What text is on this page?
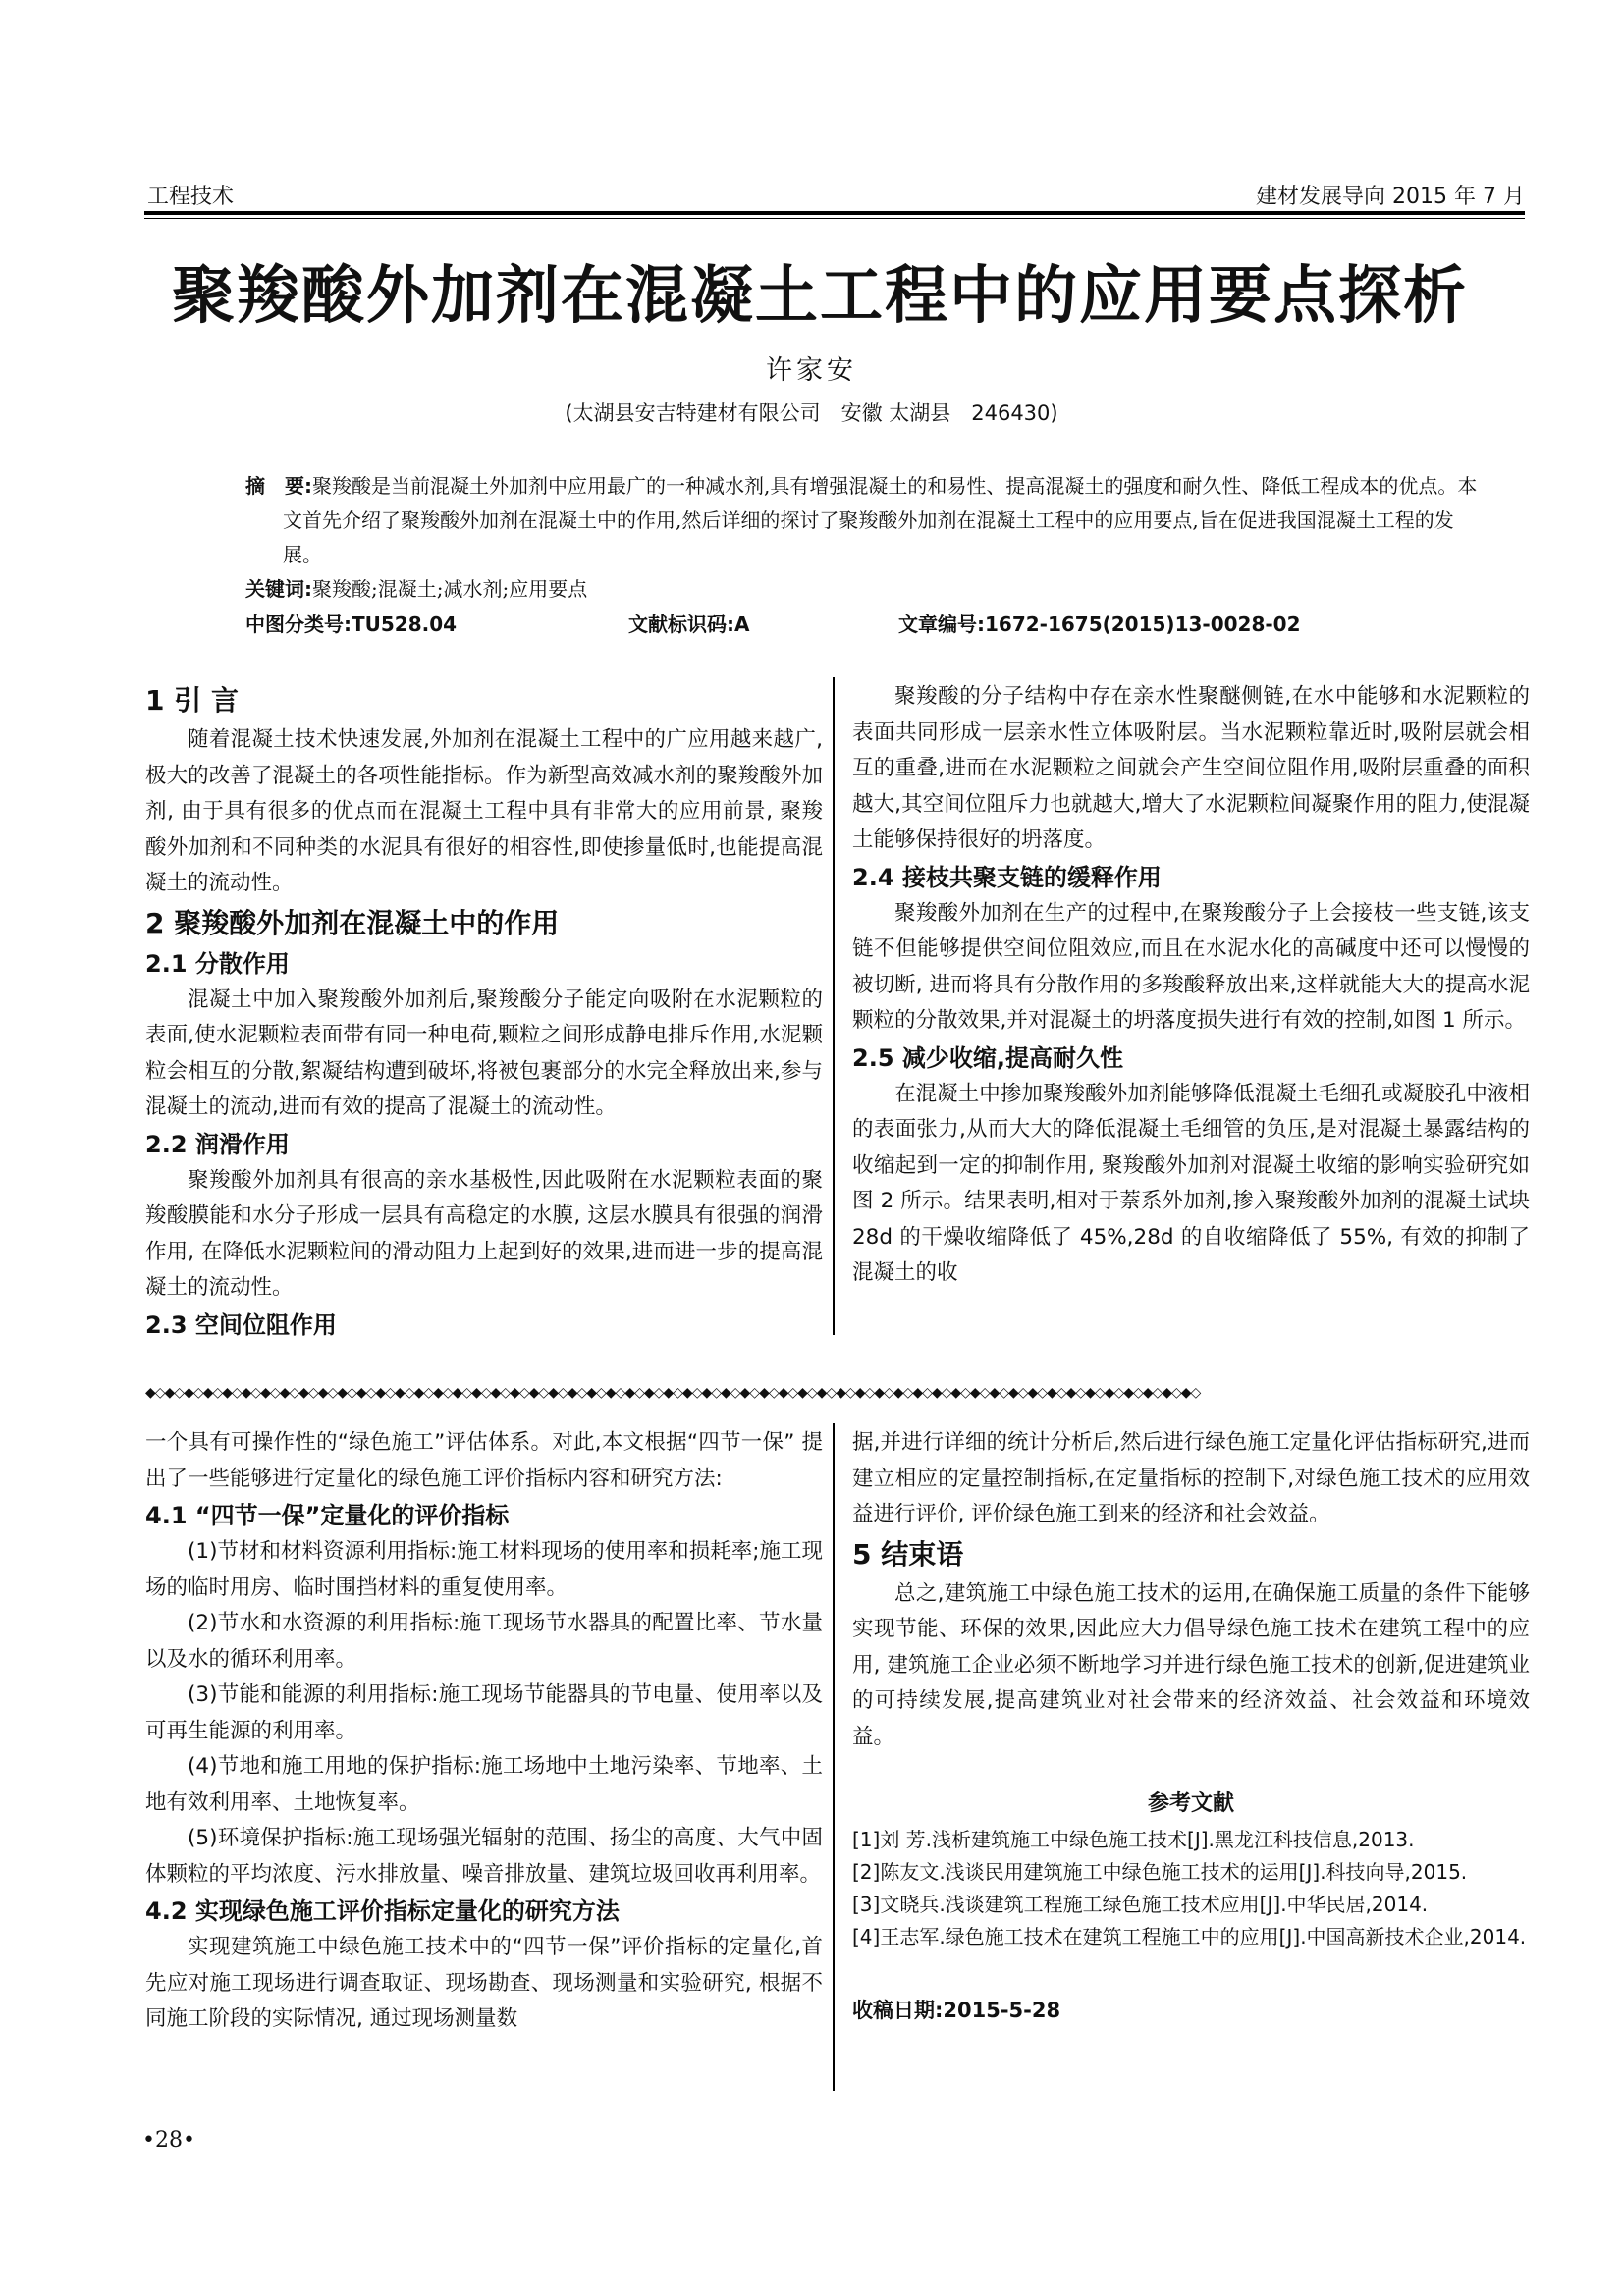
工程技术	建材发展导向 2015 年 7 月
聚羧酸外加剂在混凝土工程中的应用要点探析
许家安
(太湖县安吉特建材有限公司　安徽 太湖县　246430)

摘　要:聚羧酸是当前混凝土外加剂中应用最广的一种减水剂,具有增强混凝土的和易性、提高混凝土的强度和耐久性、降低工程成本的优点。本文首先介绍了聚羧酸外加剂在混凝土中的作用,然后详细的探讨了聚羧酸外加剂在混凝土工程中的应用要点,旨在促进我国混凝土工程的发展。

关键词:聚羧酸;混凝土;减水剂;应用要点

中图分类号:TU528.04	文献标识码:A	文章编号:1672-1675(2015)13-0028-02
1 引 言

随着混凝土技术快速发展,外加剂在混凝土工程中的广应用越来越广,极大的改善了混凝土的各项性能指标。作为新型高效减水剂的聚羧酸外加剂, 由于具有很多的优点而在混凝土工程中具有非常大的应用前景, 聚羧酸外加剂和不同种类的水泥具有很好的相容性,即使掺量低时,也能提高混凝土的流动性。

2 聚羧酸外加剂在混凝土中的作用
2.1 分散作用

混凝土中加入聚羧酸外加剂后,聚羧酸分子能定向吸附在水泥颗粒的表面,使水泥颗粒表面带有同一种电荷,颗粒之间形成静电排斥作用,水泥颗粒会相互的分散,絮凝结构遭到破坏,将被包裹部分的水完全释放出来,参与混凝土的流动,进而有效的提高了混凝土的流动性。

2.2 润滑作用

聚羧酸外加剂具有很高的亲水基极性,因此吸附在水泥颗粒表面的聚羧酸膜能和水分子形成一层具有高稳定的水膜, 这层水膜具有很强的润滑作用, 在降低水泥颗粒间的滑动阻力上起到好的效果,进而进一步的提高混凝土的流动性。

2.3 空间位阻作用

聚羧酸的分子结构中存在亲水性聚醚侧链,在水中能够和水泥颗粒的表面共同形成一层亲水性立体吸附层。当水泥颗粒靠近时,吸附层就会相互的重叠,进而在水泥颗粒之间就会产生空间位阻作用,吸附层重叠的面积越大,其空间位阻斥力也就越大,增大了水泥颗粒间凝聚作用的阻力,使混凝土能够保持很好的坍落度。

2.4 接枝共聚支链的缓释作用

聚羧酸外加剂在生产的过程中,在聚羧酸分子上会接枝一些支链,该支链不但能够提供空间位阻效应,而且在水泥水化的高碱度中还可以慢慢的被切断, 进而将具有分散作用的多羧酸释放出来,这样就能大大的提高水泥颗粒的分散效果,并对混凝土的坍落度损失进行有效的控制,如图 1 所示。

2.5 减少收缩,提高耐久性

在混凝土中掺加聚羧酸外加剂能够降低混凝土毛细孔或凝胶孔中液相的表面张力,从而大大的降低混凝土毛细管的负压,是对混凝土暴露结构的收缩起到一定的抑制作用, 聚羧酸外加剂对混凝土收缩的影响实验研究如图 2 所示。结果表明,相对于萘系外加剂,掺入聚羧酸外加剂的混凝土试块 28d 的干燥收缩降低了 45%,28d 的自收缩降低了 55%, 有效的抑制了混凝土的收

◆◇◆◇◆◇◆◇◆◇◆◇◆◇◆◇◆◇◆◇◆◇◆◇◆◇◆◇◆◇◆◇◆◇◆◇◆◇◆◇◆◇◆◇◆◇◆◇◆◇◆◇◆◇◆◇◆◇◆◇◆◇◆◇◆◇◆◇◆◇◆◇◆◇◆◇◆◇◆◇◆◇◆◇◆◇◆◇◆◇◆◇◆◇◆◇◆◇◆◇◆◇◆◇◆◇◆◇◆◇

一个具有可操作性的“绿色施工”评估体系。对此,本文根据“四节一保” 提出了一些能够进行定量化的绿色施工评价指标内容和研究方法:

4.1 “四节一保”定量化的评价指标

(1)节材和材料资源利用指标:施工材料现场的使用率和损耗率;施工现场的临时用房、临时围挡材料的重复使用率。

(2)节水和水资源的利用指标:施工现场节水器具的配置比率、节水量以及水的循环利用率。

(3)节能和能源的利用指标:施工现场节能器具的节电量、使用率以及可再生能源的利用率。

(4)节地和施工用地的保护指标:施工场地中土地污染率、节地率、土地有效利用率、土地恢复率。

(5)环境保护指标:施工现场强光辐射的范围、扬尘的高度、大气中固体颗粒的平均浓度、污水排放量、噪音排放量、建筑垃圾回收再利用率。

4.2 实现绿色施工评价指标定量化的研究方法

实现建筑施工中绿色施工技术中的“四节一保”评价指标的定量化,首先应对施工现场进行调查取证、现场勘查、现场测量和实验研究, 根据不同施工阶段的实际情况, 通过现场测量数

据,并进行详细的统计分析后,然后进行绿色施工定量化评估指标研究,进而建立相应的定量控制指标,在定量指标的控制下,对绿色施工技术的应用效益进行评价, 评价绿色施工到来的经济和社会效益。

5 结束语

总之,建筑施工中绿色施工技术的运用,在确保施工质量的条件下能够实现节能、环保的效果,因此应大力倡导绿色施工技术在建筑工程中的应用, 建筑施工企业必须不断地学习并进行绿色施工技术的创新,促进建筑业的可持续发展,提高建筑业对社会带来的经济效益、社会效益和环境效益。

参考文献

[1]刘 芳.浅析建筑施工中绿色施工技术[J].黑龙江科技信息,2013.

[2]陈友文.浅谈民用建筑施工中绿色施工技术的运用[J].科技向导,2015.

[3]文晓兵.浅谈建筑工程施工绿色施工技术应用[J].中华民居,2014.

[4]王志军.绿色施工技术在建筑工程施工中的应用[J].中国高新技术企业,2014.

收稿日期:2015-5-28
•28•
